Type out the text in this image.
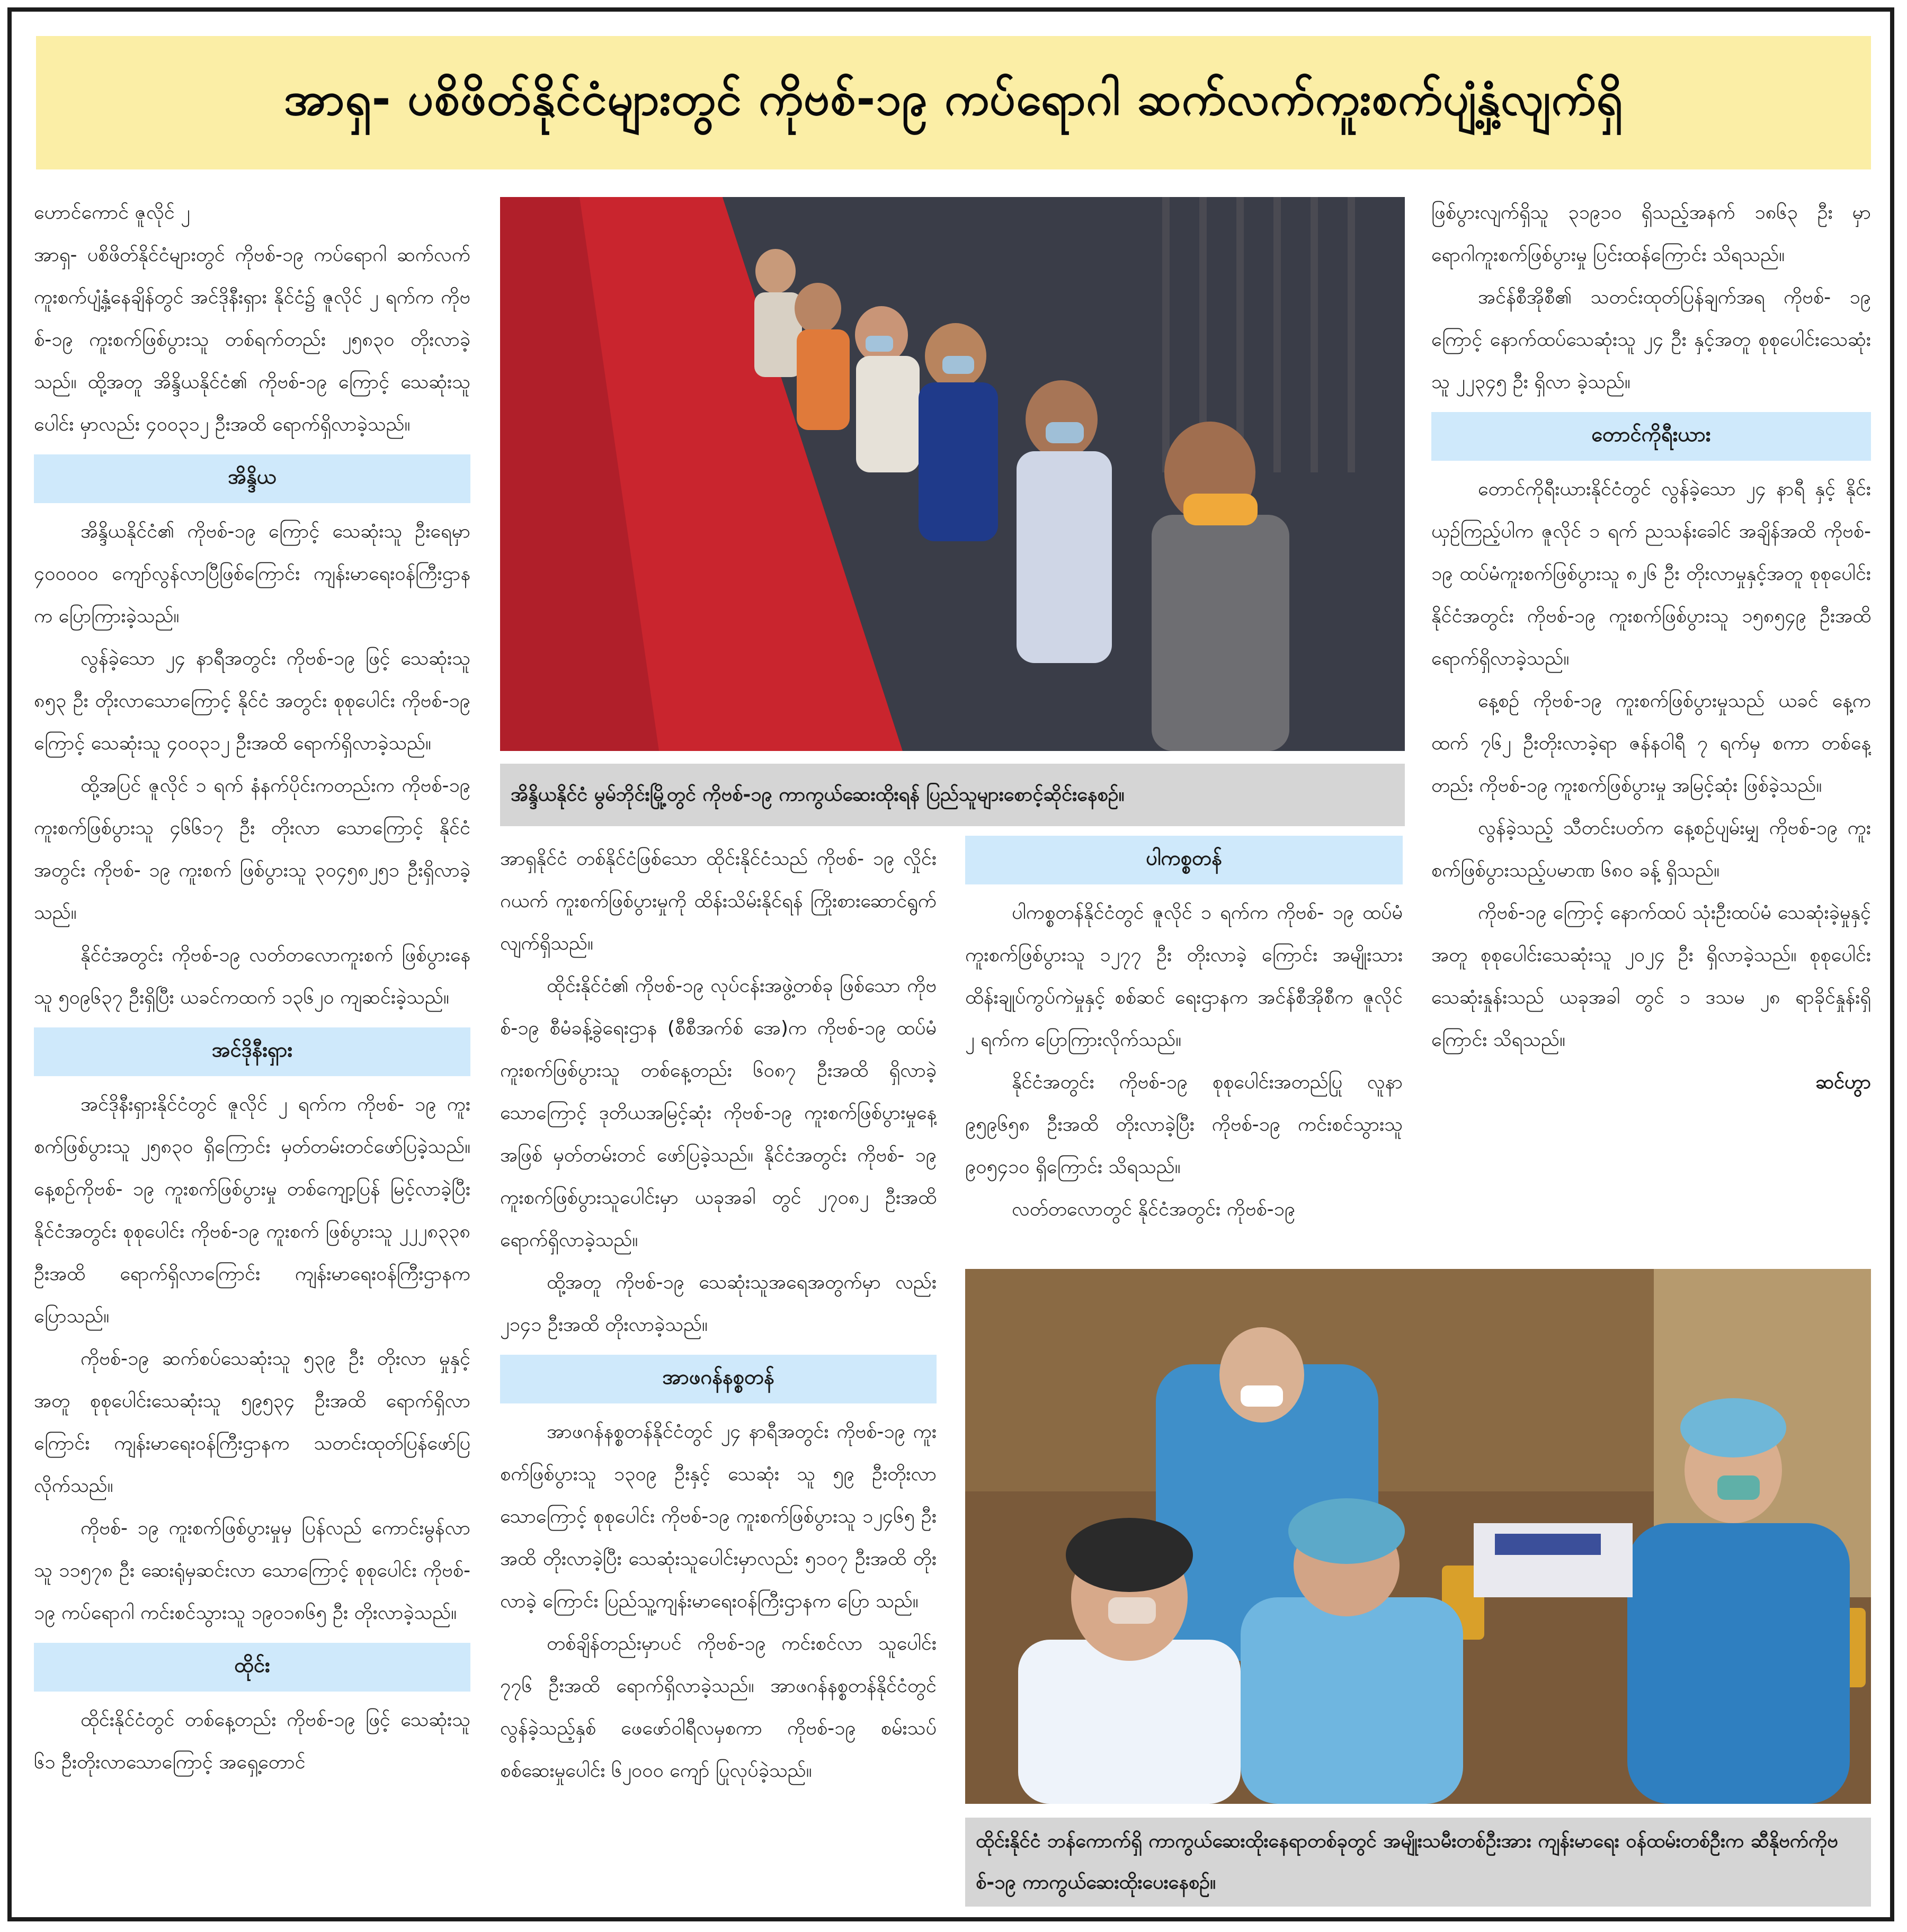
အာရှ- ပစိဖိတ်နိုင်ငံများတွင် ကိုဗစ်-၁၉ ကပ်ရောဂါ ဆက်လက်ကူးစက်ပျံ့နှံ့လျက်ရှိ

ဟောင်ကောင် ဇူလိုင် ၂

အာရှ- ပစိဖိတ်နိုင်ငံများတွင် ကိုဗစ်-၁၉ ကပ်ရောဂါ ဆက်လက်ကူးစက်ပျံ့နှံ့နေချိန်တွင် အင်ဒိုနီးရှား နိုင်ငံ၌ ဇူလိုင် ၂ ရက်က ကိုဗစ်-၁၉ ကူးစက်ဖြစ်ပွားသူ တစ်ရက်တည်း ၂၅၈၃၀ တိုးလာခဲ့သည်။ ထို့အတူ အိန္ဒိယနိုင်ငံ၏ ကိုဗစ်-၁၉ ကြောင့် သေဆုံးသူပေါင်း မှာလည်း ၄၀၀၃၁၂ ဦးအထိ ရောက်ရှိလာခဲ့သည်။

အိန္ဒိယ

အိန္ဒိယနိုင်ငံ၏ ကိုဗစ်-၁၉ ကြောင့် သေဆုံးသူ ဦးရေမှာ ၄၀၀၀၀၀ ကျော်လွန်လာပြီဖြစ်ကြောင်း ကျန်းမာရေးဝန်ကြီးဌာနက ပြောကြားခဲ့သည်။

လွန်ခဲ့သော ၂၄ နာရီအတွင်း ကိုဗစ်-၁၉ ဖြင့် သေဆုံးသူ ၈၅၃ ဦး တိုးလာသောကြောင့် နိုင်ငံ အတွင်း စုစုပေါင်း ကိုဗစ်-၁၉ ကြောင့် သေဆုံးသူ ၄၀၀၃၁၂ ဦးအထိ ရောက်ရှိလာခဲ့သည်။

ထို့အပြင် ဇူလိုင် ၁ ရက် နံနက်ပိုင်းကတည်းက ကိုဗစ်-၁၉ ကူးစက်ဖြစ်ပွားသူ ၄၆၆၁၇ ဦး တိုးလာ သောကြောင့် နိုင်ငံအတွင်း ကိုဗစ်- ၁၉ ကူးစက် ဖြစ်ပွားသူ ၃၀၄၅၈၂၅၁ ဦးရှိလာခဲ့သည်။

နိုင်ငံအတွင်း ကိုဗစ်-၁၉ လတ်တလောကူးစက် ဖြစ်ပွားနေသူ ၅၀၉၆၃၇ ဦးရှိပြီး ယခင်ကထက် ၁၃၆၂၀ ကျဆင်းခဲ့သည်။

အင်ဒိုနီးရှား

အင်ဒိုနီးရှားနိုင်ငံတွင် ဇူလိုင် ၂ ရက်က ကိုဗစ်- ၁၉ ကူးစက်ဖြစ်ပွားသူ ၂၅၈၃၀ ရှိကြောင်း မှတ်တမ်းတင်ဖော်ပြခဲ့သည်။ နေ့စဉ်ကိုဗစ်- ၁၉ ကူးစက်ဖြစ်ပွားမှု တစ်ကျော့ပြန် မြင့်လာခဲ့ပြီး နိုင်ငံအတွင်း စုစုပေါင်း ကိုဗစ်-၁၉ ကူးစက် ဖြစ်ပွားသူ ၂၂၂၈၃၃၈ ဦးအထိ ရောက်ရှိလာကြောင်း ကျန်းမာရေးဝန်ကြီးဌာနက ပြောသည်။

ကိုဗစ်-၁၉ ဆက်စပ်သေဆုံးသူ ၅၃၉ ဦး တိုးလာ မှုနှင့်အတူ စုစုပေါင်းသေဆုံးသူ ၅၉၅၃၄ ဦးအထိ ရောက်ရှိလာကြောင်း ကျန်းမာရေးဝန်ကြီးဌာနက သတင်းထုတ်ပြန်ဖော်ပြလိုက်သည်။

ကိုဗစ်- ၁၉ ကူးစက်ဖြစ်ပွားမှုမှ ပြန်လည် ကောင်းမွန်လာသူ ၁၁၅၇၈ ဦး ဆေးရုံမှဆင်းလာ သောကြောင့် စုစုပေါင်း ကိုဗစ်- ၁၉ ကပ်ရောဂါ ကင်းစင်သွားသူ ၁၉၀၁၈၆၅ ဦး တိုးလာခဲ့သည်။

ထိုင်း

ထိုင်းနိုင်ငံတွင် တစ်နေ့တည်း ကိုဗစ်-၁၉ ဖြင့် သေဆုံးသူ ၆၁ ဦးတိုးလာသောကြောင့် အရှေ့တောင်

အိန္ဒိယနိုင်ငံ မွမ်ဘိုင်းမြို့တွင် ကိုဗစ်-၁၉ ကာကွယ်ဆေးထိုးရန် ပြည်သူများစောင့်ဆိုင်းနေစဉ်။

အာရှနိုင်ငံ တစ်နိုင်ငံဖြစ်သော ထိုင်းနိုင်ငံသည် ကိုဗစ်- ၁၉ လှိုင်းဂယက် ကူးစက်ဖြစ်ပွားမှုကို ထိန်းသိမ်းနိုင်ရန် ကြိုးစားဆောင်ရွက်လျက်ရှိသည်။

ထိုင်းနိုင်ငံ၏ ကိုဗစ်-၁၉ လုပ်ငန်းအဖွဲ့တစ်ခု ဖြစ်သော ကိုဗစ်-၁၉ စီမံခန့်ခွဲရေးဌာန (စီစီအက်စ် အေ)က ကိုဗစ်-၁၉ ထပ်မံ ကူးစက်ဖြစ်ပွားသူ တစ်နေ့တည်း ၆၀၈၇ ဦးအထိ ရှိလာခဲ့သောကြောင့် ဒုတိယအမြင့်ဆုံး ကိုဗစ်-၁၉ ကူးစက်ဖြစ်ပွားမှုနေ့ အဖြစ် မှတ်တမ်းတင် ဖော်ပြခဲ့သည်။ နိုင်ငံအတွင်း ကိုဗစ်- ၁၉ ကူးစက်ဖြစ်ပွားသူပေါင်းမှာ ယခုအခါ တွင် ၂၇၀၈၂ ဦးအထိ ရောက်ရှိလာခဲ့သည်။

ထို့အတူ ကိုဗစ်-၁၉ သေဆုံးသူအရေအတွက်မှာ လည်း ၂၁၄၁ ဦးအထိ တိုးလာခဲ့သည်။

အာဖဂန်နစ္စတန်

အာဖဂန်နစ္စတန်နိုင်ငံတွင် ၂၄ နာရီအတွင်း ကိုဗစ်-၁၉ ကူးစက်ဖြစ်ပွားသူ ၁၃၀၉ ဦးနှင့် သေဆုံး သူ ၅၉ ဦးတိုးလာသောကြောင့် စုစုပေါင်း ကိုဗစ်-၁၉ ကူးစက်ဖြစ်ပွားသူ ၁၂၄၆၅ ဦးအထိ တိုးလာခဲ့ပြီး သေဆုံးသူပေါင်းမှာလည်း ၅၁၀၇ ဦးအထိ တိုးလာခဲ့ ကြောင်း ပြည်သူ့ကျန်းမာရေးဝန်ကြီးဌာနက ပြော သည်။

တစ်ချိန်တည်းမှာပင် ကိုဗစ်-၁၉ ကင်းစင်လာ သူပေါင်း ၇၇၆ ဦးအထိ ရောက်ရှိလာခဲ့သည်။ အာဖဂန်နစ္စတန်နိုင်ငံတွင် လွန်ခဲ့သည့်နှစ် ဖေဖော်ဝါရီလမှစကာ ကိုဗစ်-၁၉ စမ်းသပ် စစ်ဆေးမှုပေါင်း ၆၂၀၀၀ ကျော် ပြုလုပ်ခဲ့သည်။

ပါကစ္စတန်

ပါကစ္စတန်နိုင်ငံတွင် ဇူလိုင် ၁ ရက်က ကိုဗစ်- ၁၉ ထပ်မံကူးစက်ဖြစ်ပွားသူ ၁၂၇၇ ဦး တိုးလာခဲ့ ကြောင်း အမျိုးသားထိန်းချုပ်ကွပ်ကဲမှုနှင့် စစ်ဆင် ရေးဌာနက အင်န်စီအိုစီက ဇူလိုင် ၂ ရက်က ပြောကြားလိုက်သည်။

နိုင်ငံအတွင်း ကိုဗစ်-၁၉ စုစုပေါင်းအတည်ပြု လူနာ ၉၅၉၆၅၈ ဦးအထိ တိုးလာခဲ့ပြီး ကိုဗစ်-၁၉ ကင်းစင်သွားသူ ၉၀၅၄၁၀ ရှိကြောင်း သိရသည်။

လတ်တလောတွင် နိုင်ငံအတွင်း ကိုဗစ်-၁၉

ဖြစ်ပွားလျက်ရှိသူ ၃၁၉၁၀ ရှိသည့်အနက် ၁၈၆၃ ဦး မှာ ရောဂါကူးစက်ဖြစ်ပွားမှု ပြင်းထန်ကြောင်း သိရသည်။

အင်န်စီအိုစီ၏ သတင်းထုတ်ပြန်ချက်အရ ကိုဗစ်- ၁၉ ကြောင့် နောက်ထပ်သေဆုံးသူ ၂၄ ဦး နှင့်အတူ စုစုပေါင်းသေဆုံးသူ ၂၂၃၄၅ ဦး ရှိလာ ခဲ့သည်။

တောင်ကိုရီးယား

တောင်ကိုရီးယားနိုင်ငံတွင် လွန်ခဲ့သော ၂၄ နာရီ နှင့် နိုင်းယှဉ်ကြည့်ပါက ဇူလိုင် ၁ ရက် ညသန်းခေါင် အချိန်အထိ ကိုဗစ်- ၁၉ ထပ်မံကူးစက်ဖြစ်ပွားသူ ၈၂၆ ဦး တိုးလာမှုနှင့်အတူ စုစုပေါင်းနိုင်ငံအတွင်း ကိုဗစ်-၁၉ ကူးစက်ဖြစ်ပွားသူ ၁၅၈၅၄၉ ဦးအထိ ရောက်ရှိလာခဲ့သည်။

နေ့စဉ် ကိုဗစ်-၁၉ ကူးစက်ဖြစ်ပွားမှုသည် ယခင် နေ့ကထက် ၇၆၂ ဦးတိုးလာခဲ့ရာ ဇန်နဝါရီ ၇ ရက်မှ စကာ တစ်နေ့တည်း ကိုဗစ်-၁၉ ကူးစက်ဖြစ်ပွားမှု အမြင့်ဆုံး ဖြစ်ခဲ့သည်။

လွန်ခဲ့သည့် သီတင်းပတ်က နေ့စဉ်ပျမ်းမျှ ကိုဗစ်-၁၉ ကူးစက်ဖြစ်ပွားသည့်ပမာဏ ၆၈၀ ခန့် ရှိသည်။

ကိုဗစ်-၁၉ ကြောင့် နောက်ထပ် သုံးဦးထပ်မံ သေဆုံးခဲ့မှုနှင့်အတူ စုစုပေါင်းသေဆုံးသူ ၂၀၂၄ ဦး ရှိလာခဲ့သည်။ စုစုပေါင်းသေဆုံးနှုန်းသည် ယခုအခါ တွင် ၁ ဒသမ ၂၈ ရာခိုင်နှုန်းရှိကြောင်း သိရသည်။

ဆင်ဟွာ

ထိုင်းနိုင်ငံ ဘန်ကောက်ရှိ ကာကွယ်ဆေးထိုးနေရာတစ်ခုတွင် အမျိုးသမီးတစ်ဦးအား ကျန်းမာရေး ဝန်ထမ်းတစ်ဦးက ဆီနိုဗက်ကိုဗစ်-၁၉ ကာကွယ်ဆေးထိုးပေးနေစဉ်။
